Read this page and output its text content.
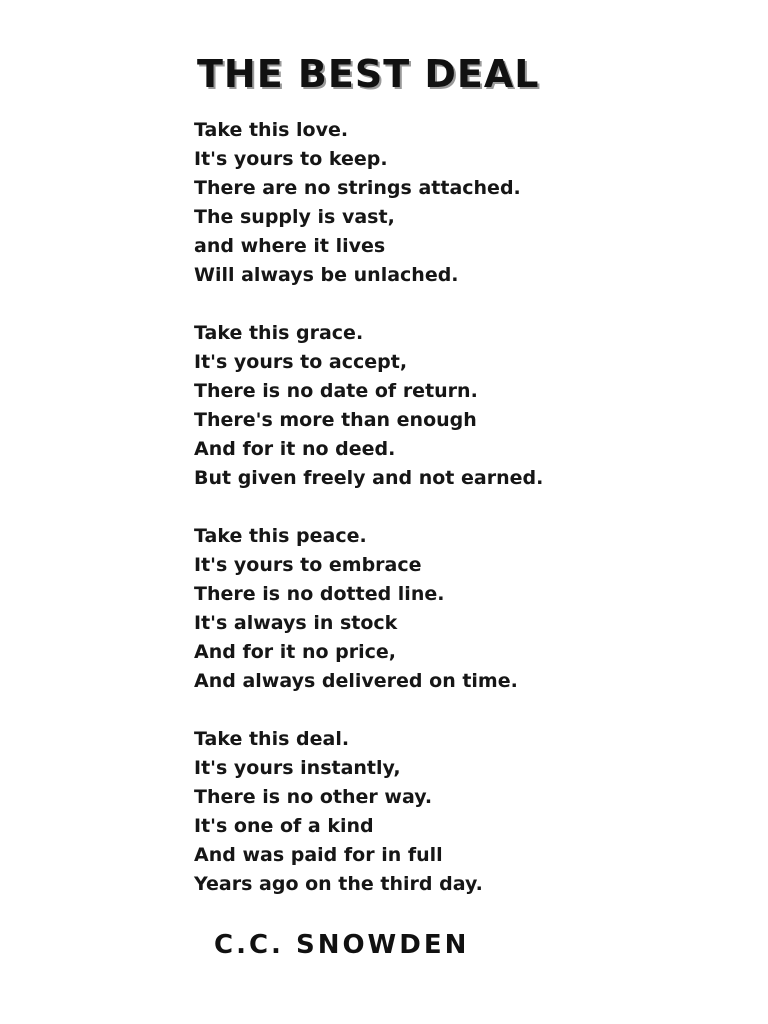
THE BEST DEAL
Take this love.
It's yours to keep.
There are no strings attached.
The supply is vast,
and where it lives
Will always be unlached.
Take this grace.
It's yours to accept,
There is no date of return.
There's more than enough
And for it no deed.
But given freely and not earned.
Take this peace.
It's yours to embrace
There is no dotted line.
It's always in stock
And for it no price,
And always delivered on time.
Take this deal.
It's yours instantly,
There is no other way.
It's one of a kind
And was paid for in full
Years ago on the third day.
C.C. SNOWDEN
